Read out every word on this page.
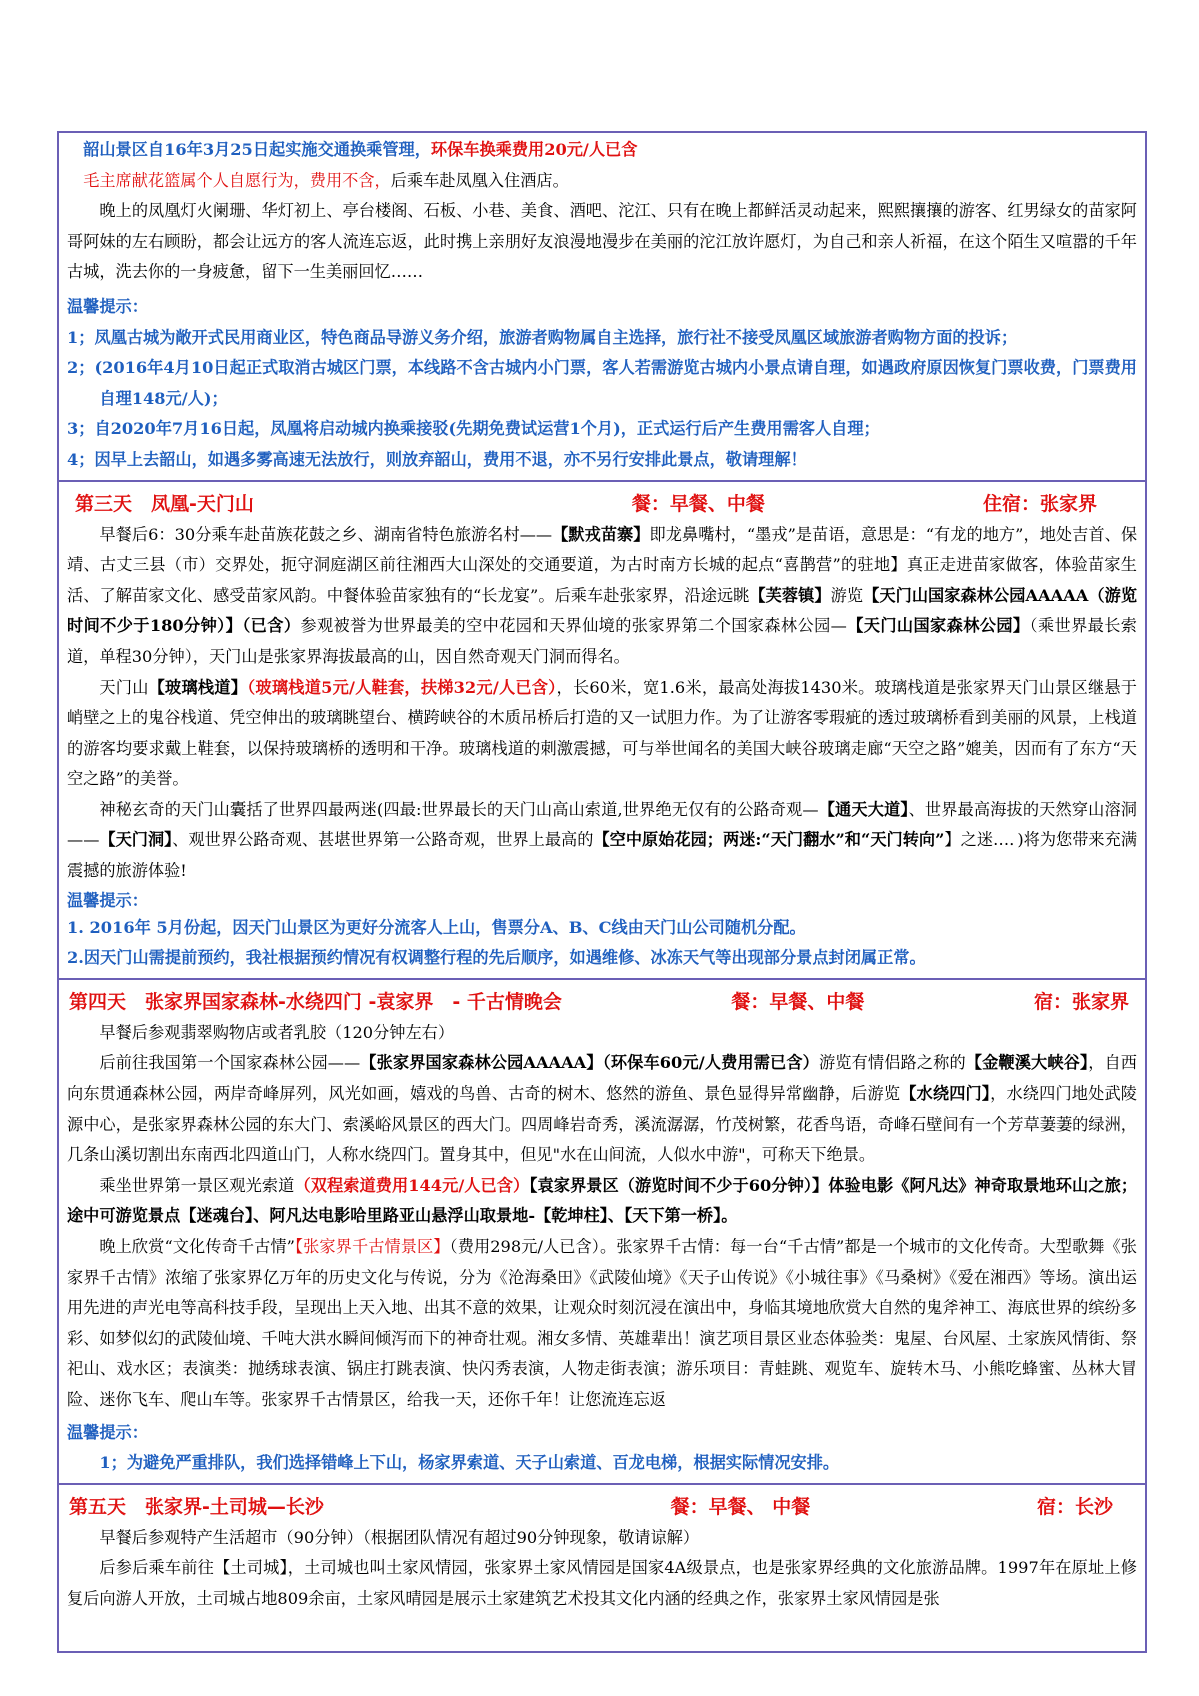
韶山景区自16年3月25日起实施交通换乘管理，环保车换乘费用20元/人已含

毛主席献花篮属个人自愿行为，费用不含，后乘车赴凤凰入住酒店。

晚上的凤凰灯火阑珊、华灯初上、亭台楼阁、石板、小巷、美食、酒吧、沱江、只有在晚上都鲜活灵动起来，熙熙攘攘的游客、红男绿女的苗家阿哥阿妹的左右顾盼，都会让远方的客人流连忘返，此时携上亲朋好友浪漫地漫步在美丽的沱江放许愿灯，为自己和亲人祈福，在这个陌生又喧嚣的千年古城，洗去你的一身疲惫，留下一生美丽回忆……

温馨提示：

1；凤凰古城为敞开式民用商业区，特色商品导游义务介绍，旅游者购物属自主选择，旅行社不接受凤凰区域旅游者购物方面的投诉；

2；(2016年4月10日起正式取消古城区门票，本线路不含古城内小门票，客人若需游览古城内小景点请自理，如遇政府原因恢复门票收费，门票费用自理148元/人)；

3；自2020年7月16日起，凤凰将启动城内换乘接驳(先期免费试运营1个月)，正式运行后产生费用需客人自理；

4；因早上去韶山，如遇多雾高速无法放行，则放弃韶山，费用不退，亦不另行安排此景点，敬请理解！

第三天　凤凰-天门山	餐：早餐、中餐	住宿：张家界

早餐后6：30分乘车赴苗族花鼓之乡、湖南省特色旅游名村——【默戎苗寨】即龙鼻嘴村，“墨戎”是苗语，意思是：“有龙的地方”，地处吉首、保靖、古丈三县（市）交界处，扼守洞庭湖区前往湘西大山深处的交通要道，为古时南方长城的起点“喜鹊营”的驻地】真正走进苗家做客，体验苗家生活、了解苗家文化、感受苗家风韵。中餐体验苗家独有的“长龙宴”。后乘车赴张家界，沿途远眺【芙蓉镇】游览【天门山国家森林公园AAAAA（游览时间不少于180分钟）】（已含）参观被誉为世界最美的空中花园和天界仙境的张家界第二个国家森林公园—【天门山国家森林公园】（乘世界最长索道，单程30分钟），天门山是张家界海拔最高的山，因自然奇观天门洞而得名。

天门山【玻璃栈道】（玻璃栈道5元/人鞋套，扶梯32元/人已含），长60米，宽1.6米，最高处海拔1430米。玻璃栈道是张家界天门山景区继悬于峭壁之上的鬼谷栈道、凭空伸出的玻璃眺望台、横跨峡谷的木质吊桥后打造的又一试胆力作。为了让游客零瑕疵的透过玻璃桥看到美丽的风景，上栈道的游客均要求戴上鞋套，以保持玻璃桥的透明和干净。玻璃栈道的刺激震撼，可与举世闻名的美国大峡谷玻璃走廊“天空之路”媲美，因而有了东方“天空之路”的美誉。

神秘玄奇的天门山囊括了世界四最两迷(四最:世界最长的天门山高山索道,世界绝无仅有的公路奇观—【通天大道】、世界最高海拔的天然穿山溶洞——【天门洞】、观世界公路奇观、甚堪世界第一公路奇观，世界上最高的【空中原始花园；两迷:“天门翻水”和“天门转向”】之迷…．)将为您带来充满震撼的旅游体验!

温馨提示：

1. 2016年 5月份起，因天门山景区为更好分流客人上山，售票分A、B、C线由天门山公司随机分配。

2.因天门山需提前预约，我社根据预约情况有权调整行程的先后顺序，如遇维修、冰冻天气等出现部分景点封闭属正常。

第四天　张家界国家森林-水绕四门 -袁家界　- 千古情晚会	餐：早餐、中餐	宿：张家界

早餐后参观翡翠购物店或者乳胶（120分钟左右）

后前往我国第一个国家森林公园——【张家界国家森林公园AAAAA】（环保车60元/人费用需已含）游览有情侣路之称的【金鞭溪大峡谷】，自西向东贯通森林公园，两岸奇峰屏列，风光如画，嬉戏的鸟兽、古奇的树木、悠然的游鱼、景色显得异常幽静，后游览【水绕四门】，水绕四门地处武陵源中心，是张家界森林公园的东大门、索溪峪风景区的西大门。四周峰岩奇秀，溪流潺潺，竹茂树繁，花香鸟语，奇峰石壁间有一个芳草萋萋的绿洲，几条山溪切割出东南西北四道山门，人称水绕四门。置身其中，但见"水在山间流，人似水中游"，可称天下绝景。

乘坐世界第一景区观光索道（双程索道费用144元/人已含）【袁家界景区（游览时间不少于60分钟）】体验电影《阿凡达》神奇取景地环山之旅；途中可游览景点【迷魂台】、阿凡达电影哈里路亚山悬浮山取景地-【乾坤柱】、【天下第一桥】。

晚上欣赏“文化传奇千古情”【张家界千古情景区】（费用298元/人已含）。张家界千古情：每一台“千古情”都是一个城市的文化传奇。大型歌舞《张家界千古情》浓缩了张家界亿万年的历史文化与传说，分为《沧海桑田》《武陵仙境》《天子山传说》《小城往事》《马桑树》《爱在湘西》等场。演出运用先进的声光电等高科技手段，呈现出上天入地、出其不意的效果，让观众时刻沉浸在演出中，身临其境地欣赏大自然的鬼斧神工、海底世界的缤纷多彩、如梦似幻的武陵仙境、千吨大洪水瞬间倾泻而下的神奇壮观。湘女多情、英雄辈出！演艺项目景区业态体验类：鬼屋、台风屋、土家族风情街、祭祀山、戏水区；表演类：抛绣球表演、锅庄打跳表演、快闪秀表演，人物走街表演；游乐项目：青蛙跳、观览车、旋转木马、小熊吃蜂蜜、丛林大冒险、迷你飞车、爬山车等。张家界千古情景区，给我一天，还你千年！让您流连忘返

温馨提示：

1；为避免严重排队，我们选择错峰上下山，杨家界索道、天子山索道、百龙电梯，根据实际情况安排。

第五天　张家界-土司城—长沙	餐：早餐、 中餐	宿：长沙

早餐后参观特产生活超市（90分钟）（根据团队情况有超过90分钟现象，敬请谅解）

后参后乘车前往【土司城】，土司城也叫土家风情园，张家界土家风情园是国家4A级景点，也是张家界经典的文化旅游品牌。1997年在原址上修复后向游人开放，土司城占地809余亩，土家风晴园是展示土家建筑艺术投其文化内涵的经典之作，张家界土家风情园是张
